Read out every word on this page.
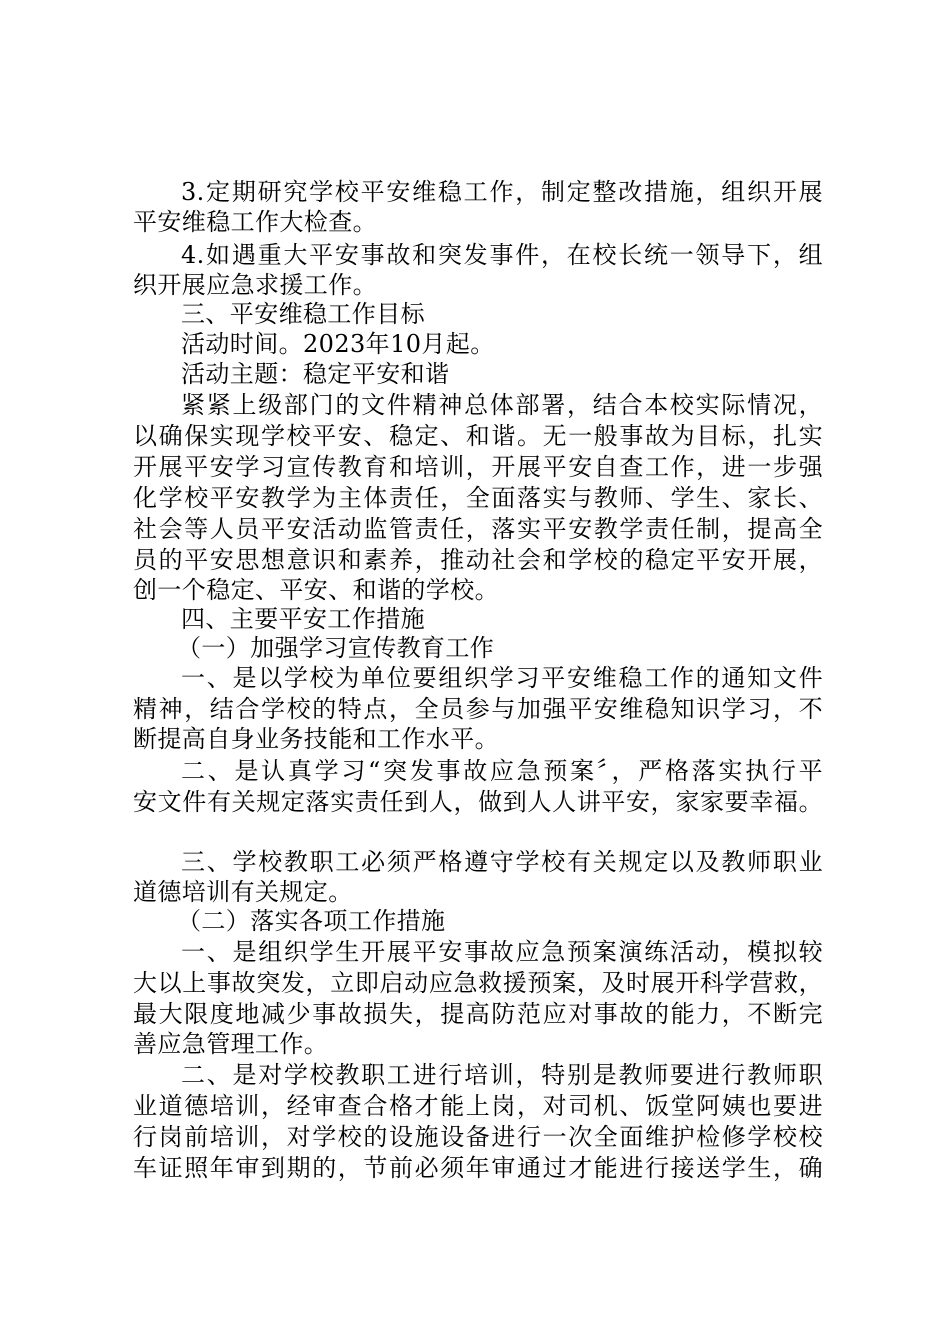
3.定期研究学校平安维稳工作，制定整改措施，组织开展
平安维稳工作大检查。
4.如遇重大平安事故和突发事件，在校长统一领导下，组
织开展应急求援工作。
三、平安维稳工作目标
活动时间。2023年10月起。
活动主题：稳定平安和谐
紧紧上级部门的文件精神总体部署，结合本校实际情况，
以确保实现学校平安、稳定、和谐。无一般事故为目标，扎实
开展平安学习宣传教育和培训，开展平安自查工作，进一步强
化学校平安教学为主体责任，全面落实与教师、学生、家长、
社会等人员平安活动监管责任，落实平安教学责任制，提高全
员的平安思想意识和素养，推动社会和学校的稳定平安开展，
创一个稳定、平安、和谐的学校。
四、主要平安工作措施
（一）加强学习宣传教育工作
一、是以学校为单位要组织学习平安维稳工作的通知文件
精神，结合学校的特点，全员参与加强平安维稳知识学习，不
断提高自身业务技能和工作水平。
二、是认真学习“突发事故应急预案〞，严格落实执行平
安文件有关规定落实责任到人，做到人人讲平安，家家要幸福。
三、学校教职工必须严格遵守学校有关规定以及教师职业
道德培训有关规定。
（二）落实各项工作措施
一、是组织学生开展平安事故应急预案演练活动，模拟较
大以上事故突发，立即启动应急救援预案，及时展开科学营救，
最大限度地减少事故损失，提高防范应对事故的能力，不断完
善应急管理工作。
二、是对学校教职工进行培训，特别是教师要进行教师职
业道德培训，经审查合格才能上岗，对司机、饭堂阿姨也要进
行岗前培训，对学校的设施设备进行一次全面维护检修学校校
车证照年审到期的，节前必须年审通过才能进行接送学生，确
